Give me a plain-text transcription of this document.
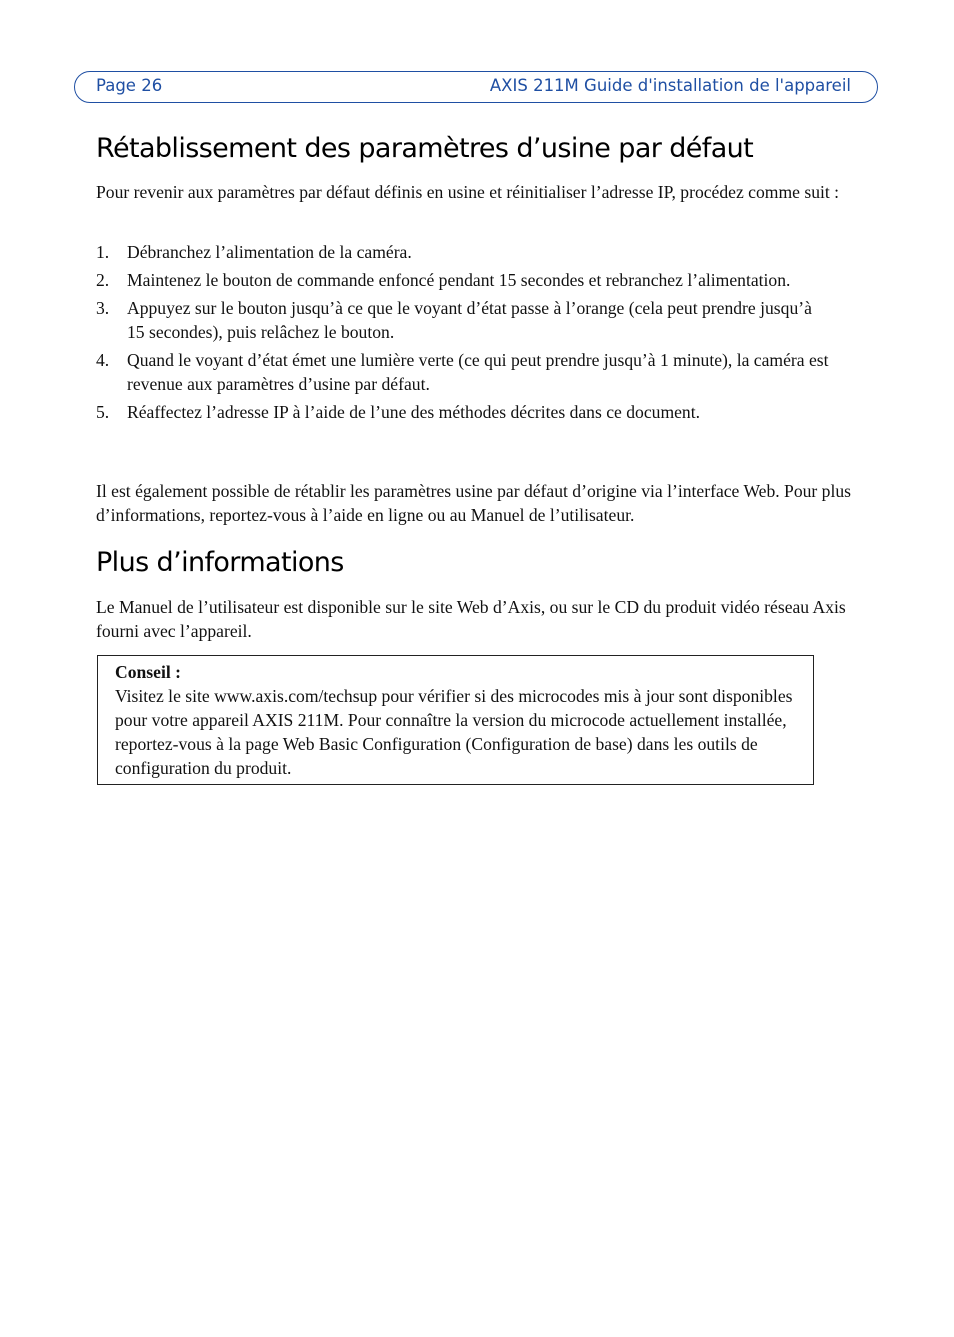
Page 26	AXIS 211M Guide d'installation de l'appareil
Rétablissement des paramètres d’usine par défaut

Pour revenir aux paramètres par défaut définis en usine et réinitialiser l’adresse IP, procédez comme suit :

1. Débranchez l’alimentation de la caméra.
2. Maintenez le bouton de commande enfoncé pendant 15 secondes et rebranchez l’alimentation.
3. Appuyez sur le bouton jusqu’à ce que le voyant d’état passe à l’orange (cela peut prendre jusqu’à
15 secondes), puis relâchez le bouton.
4. Quand le voyant d’état émet une lumière verte (ce qui peut prendre jusqu’à 1 minute), la caméra est revenue aux paramètres d’usine par défaut.
5. Réaffectez l’adresse IP à l’aide de l’une des méthodes décrites dans ce document.

Il est également possible de rétablir les paramètres usine par défaut d’origine via l’interface Web. Pour plus d’informations, reportez-vous à l’aide en ligne ou au Manuel de l’utilisateur.

Plus d’informations

Le Manuel de l’utilisateur est disponible sur le site Web d’Axis, ou sur le CD du produit vidéo réseau Axis fourni avec l’appareil.

Conseil :
Visitez le site www.axis.com/techsup pour vérifier si des microcodes mis à jour sont disponibles pour votre appareil AXIS 211M. Pour connaître la version du microcode actuellement installée, reportez-vous à la page Web Basic Configuration (Configuration de base) dans les outils de configuration du produit.
